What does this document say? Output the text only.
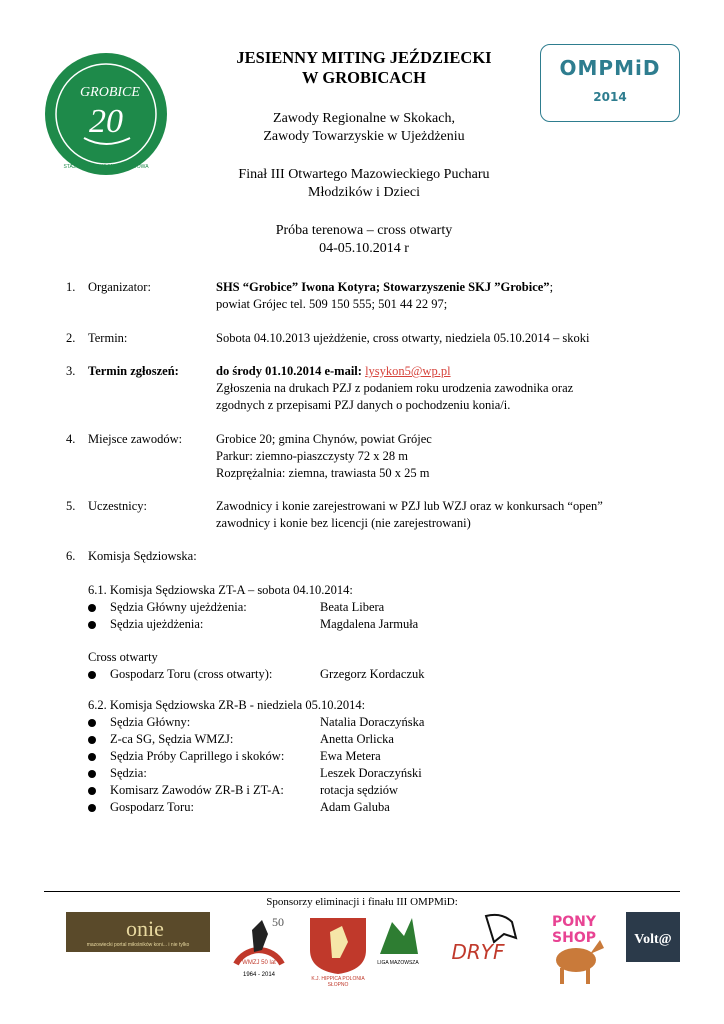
GROBICE
20
STAJNIA HODOWLANO-SPORTOWA
OMPMiD
2014
JESIENNY MITING JEŹDZIECKI
W GROBICACH
Zawody Regionalne w Skokach,
Zawody Towarzyskie w Ujeżdżeniu
Finał III Otwartego Mazowieckiego Pucharu
Młodzików i Dzieci
Próba terenowa – cross otwarty
04-05.10.2014 r
1. Organizator:	SHS “Grobice” Iwona Kotyra; Stowarzyszenie SKJ ”Grobice”;
powiat Grójec tel. 509 150 555; 501 44 22 97;
2. Termin:	Sobota 04.10.2013 ujeżdżenie, cross otwarty, niedziela 05.10.2014 – skoki
3. Termin zgłoszeń:	do środy 01.10.2014 e-mail: lysykon5@wp.pl
Zgłoszenia na drukach PZJ z podaniem roku urodzenia zawodnika oraz
zgodnych z przepisami PZJ danych o pochodzeniu konia/i.
4. Miejsce zawodów:	Grobice 20; gmina Chynów, powiat Grójec
Parkur: ziemno-piaszczysty 72 x 28 m
Rozprężalnia: ziemna, trawiasta 50 x 25 m
5. Uczestnicy:	Zawodnicy i konie zarejestrowani w PZJ lub WZJ oraz w konkursach “open”
zawodnicy i konie bez licencji (nie zarejestrowani)
6. Komisja Sędziowska:
6.1. Komisja Sędziowska ZT-A – sobota 04.10.2014:
Sędzia Główny ujeżdżenia:	Beata Libera
Sędzia ujeżdżenia:	Magdalena Jarmuła
Cross otwarty
Gospodarz Toru (cross otwarty):	Grzegorz Kordaczuk
6.2. Komisja Sędziowska ZR-B - niedziela 05.10.2014:
Sędzia Główny:	Natalia Doraczyńska
Z-ca SG, Sędzia WMZJ:	Anetta Orlicka
Sędzia Próby Caprillego i skoków:	Ewa Metera
Sędzia:	Leszek Doraczyński
Komisarz Zawodów ZR-B i ZT-A:	rotacja sędziów
Gospodarz Toru:	Adam Galuba
Sponsorzy eliminacji i finału III OMPMiD:
onie
mazowiecki portal miłośników koni... i nie tylko
50
WMZJ 50 lat
1964 - 2014
K.J. HIPPICA POLONIA SŁOPNO
LIGA MAZOWSZA	DRYF
PONY SHOP	Volt@
